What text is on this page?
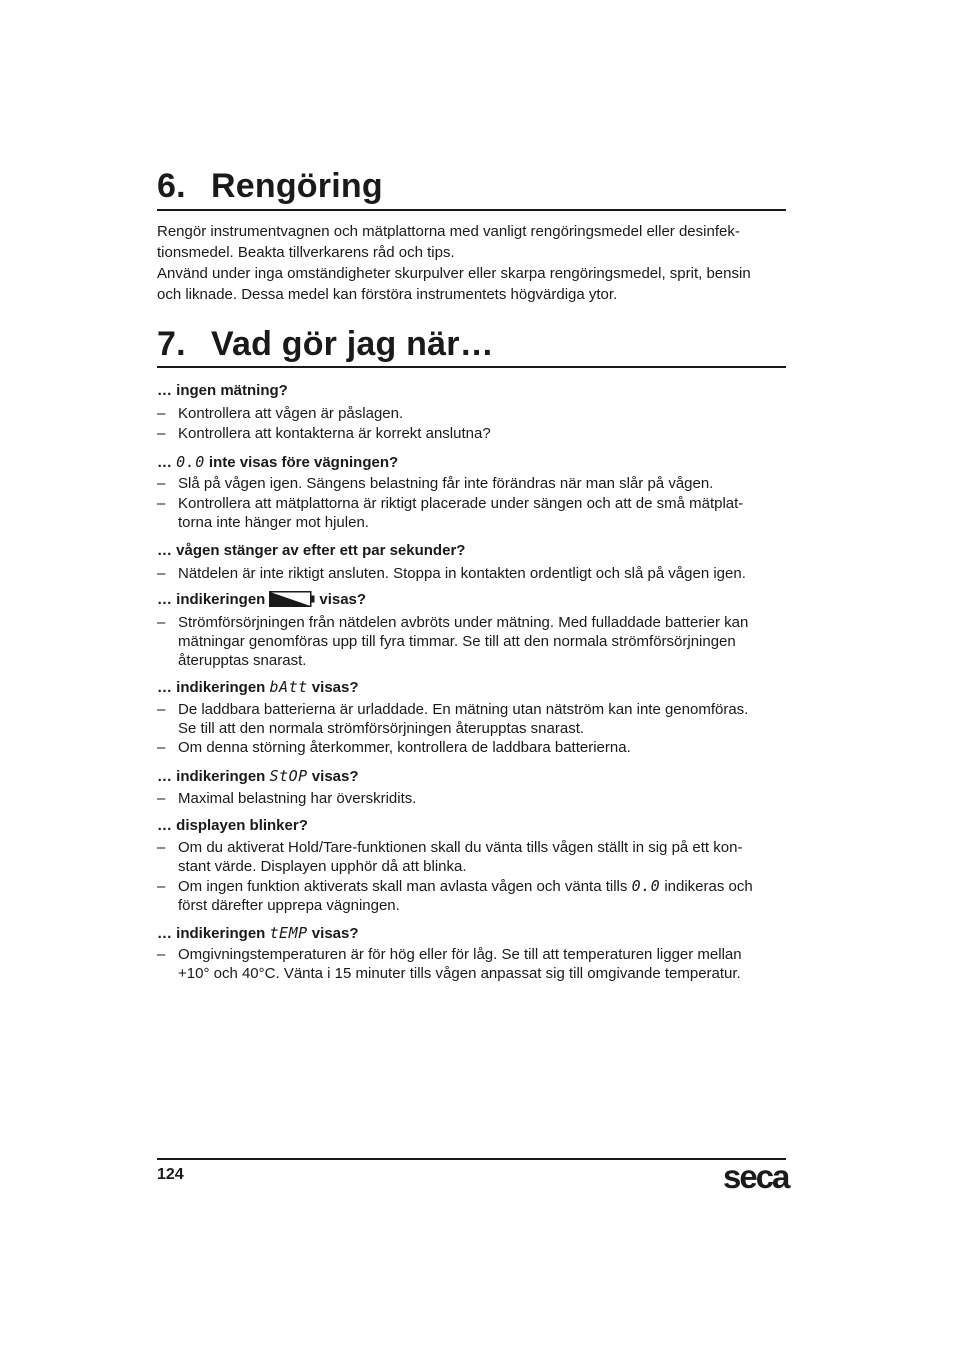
6. Rengöring
Rengör instrumentvagnen och mätplattorna med vanligt rengöringsmedel eller desinfek-
tionsmedel. Beakta tillverkarens råd och tips.
Använd under inga omständigheter skurpulver eller skarpa rengöringsmedel, sprit, bensin
och liknade. Dessa medel kan förstöra instrumentets högvärdiga ytor.
7. Vad gör jag när…
… ingen mätning?
– Kontrollera att vågen är påslagen.
– Kontrollera att kontakterna är korrekt anslutna?
… 0.0 inte visas före vägningen?
– Slå på vågen igen. Sängens belastning får inte förändras när man slår på vågen.
– Kontrollera att mätplattorna är riktigt placerade under sängen och att de små mätplat-
torna inte hänger mot hjulen.
… vågen stänger av efter ett par sekunder?
– Nätdelen är inte riktigt ansluten. Stoppa in kontakten ordentligt och slå på vågen igen.
… indikeringen	visas?
– Strömförsörjningen från nätdelen avbröts under mätning. Med fulladdade batterier kan
mätningar genomföras upp till fyra timmar. Se till att den normala strömförsörjningen
återupptas snarast.
… indikeringen bAtt visas?
– De laddbara batterierna är urladdade. En mätning utan nätström kan inte genomföras.
Se till att den normala strömförsörjningen återupptas snarast.
– Om denna störning återkommer, kontrollera de laddbara batterierna.
… indikeringen StOP visas?
– Maximal belastning har överskridits.
… displayen blinker?
– Om du aktiverat Hold/Tare-funktionen skall du vänta tills vågen ställt in sig på ett kon-
stant värde. Displayen upphör då att blinka.
– Om ingen funktion aktiverats skall man avlasta vågen och vänta tills 0.0 indikeras och
först därefter upprepa vägningen.
… indikeringen tEMP visas?
– Omgivningstemperaturen är för hög eller för låg. Se till att temperaturen ligger mellan
+10° och 40°C. Vänta i 15 minuter tills vågen anpassat sig till omgivande temperatur.
124	seca
